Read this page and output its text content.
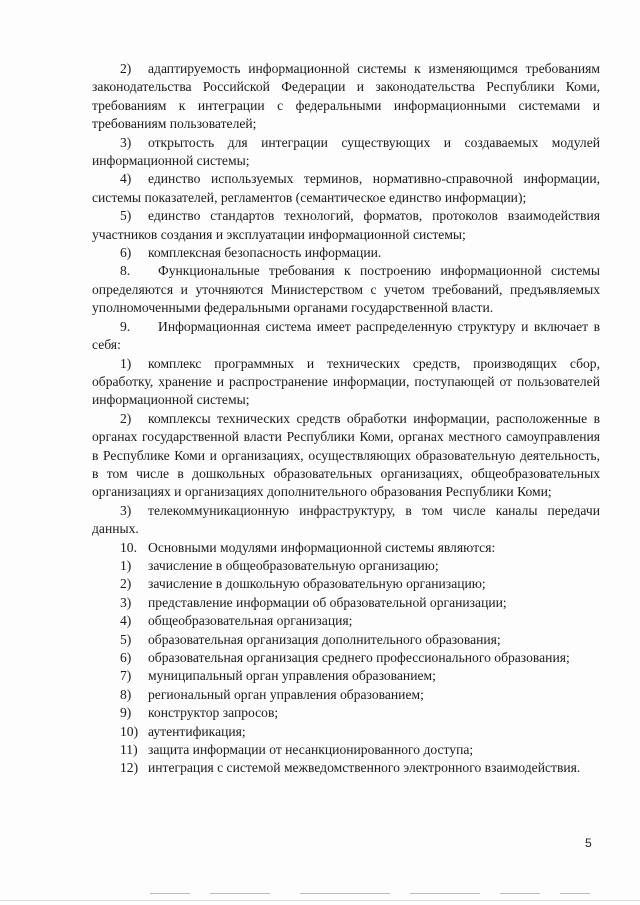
2) адаптируемость информационной системы к изменяющимся требованиям законодательства Российской Федерации и законодательства Республики Коми, требованиям к интеграции с федеральными информационными системами и требованиям пользователей;

3) открытость для интеграции существующих и создаваемых модулей информационной системы;

4) единство используемых терминов, нормативно-справочной информации, системы показателей, регламентов (семантическое единство информации);

5) единство стандартов технологий, форматов, протоколов взаимодействия участников создания и эксплуатации информационной системы;

6) комплексная безопасность информации.

8. Функциональные требования к построению информационной системы определяются и уточняются Министерством с учетом требований, предъявляемых уполномоченными федеральными органами государственной власти.

9. Информационная система имеет распределенную структуру и включает в себя:

1) комплекс программных и технических средств, производящих сбор, обработку, хранение и распространение информации, поступающей от пользователей информационной системы;

2) комплексы технических средств обработки информации, расположенные в органах государственной власти Республики Коми, органах местного самоуправления в Республике Коми и организациях, осуществляющих образовательную деятельность, в том числе в дошкольных образовательных организациях, общеобразовательных организациях и организациях дополнительного образования Республики Коми;

3) телекоммуникационную инфраструктуру, в том числе каналы передачи данных.

10. Основными модулями информационной системы являются:

1) зачисление в общеобразовательную организацию;

2) зачисление в дошкольную образовательную организацию;

3) представление информации об образовательной организации;

4) общеобразовательная организация;

5) образовательная организация дополнительного образования;

6) образовательная организация среднего профессионального образования;

7) муниципальный орган управления образованием;

8) региональный орган управления образованием;

9) конструктор запросов;

10) аутентификация;

11) защита информации от несанкционированного доступа;

12) интеграция с системой межведомственного электронного взаимодействия.

5
